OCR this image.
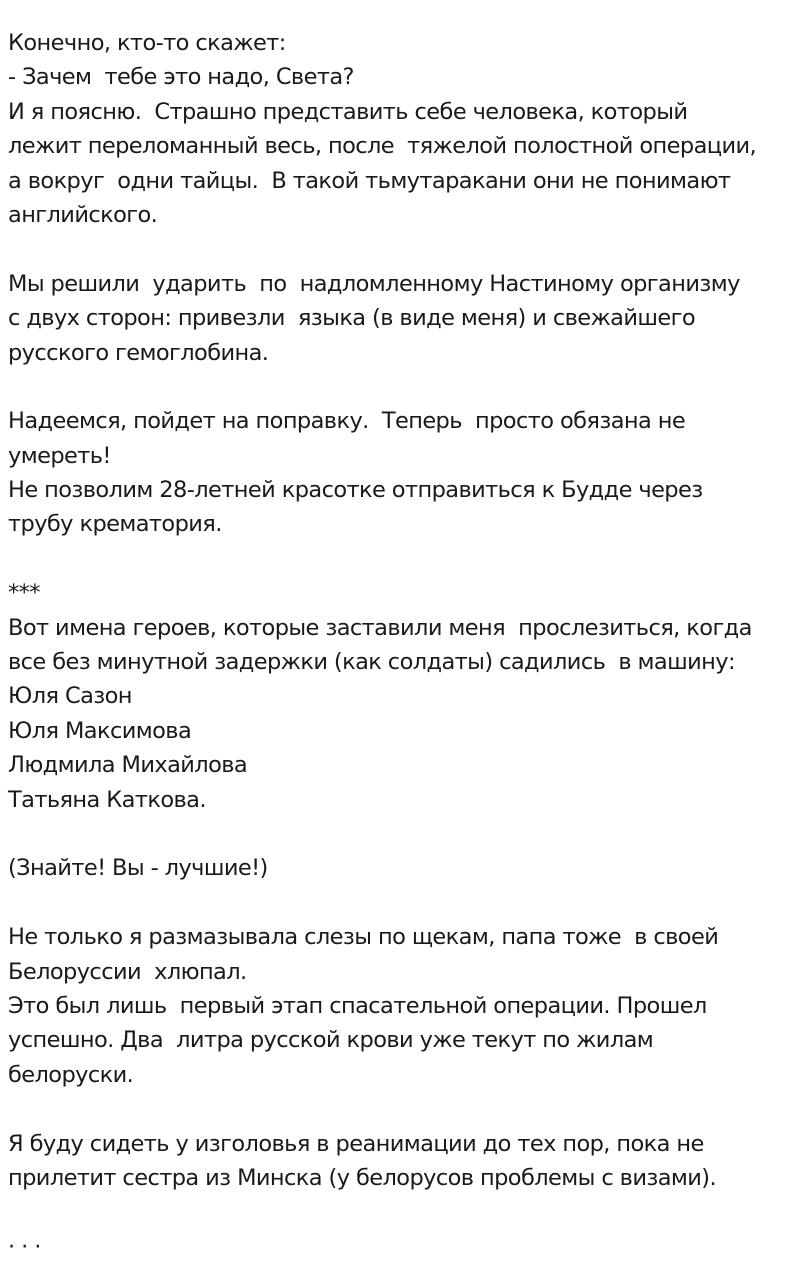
Конечно, кто-то скажет:
- Зачем  тебе это надо, Света?
И я поясню.  Страшно представить себе человека, который
лежит переломанный весь, после  тяжелой полостной операции,
а вокруг  одни тайцы.  В такой тьмутаракани они не понимают
английского.
Мы решили  ударить  по  надломленному Настиному организму
с двух сторон: привезли  языка (в виде меня) и свежайшего
русского гемоглобина.
Надеемся, пойдет на поправку.  Теперь  просто обязана не
умереть!
Не позволим 28-летней красотке отправиться к Будде через
трубу крематория.
***
Вот имена героев, которые заставили меня  прослезиться, когда
все без минутной задержки (как солдаты) садились  в машину:
Юля Сазон
Юля Максимова
Людмила Михайлова
Татьяна Каткова.
(Знайте! Вы - лучшие!)
Не только я размазывала слезы по щекам, папа тоже  в своей
Белоруссии  хлюпал.
Это был лишь  первый этап спасательной операции. Прошел
успешно. Два  литра русской крови уже текут по жилам
белоруски.
Я буду сидеть у изголовья в реанимации до тех пор, пока не
прилетит сестра из Минска (у белорусов проблемы с визами).
· · ·
